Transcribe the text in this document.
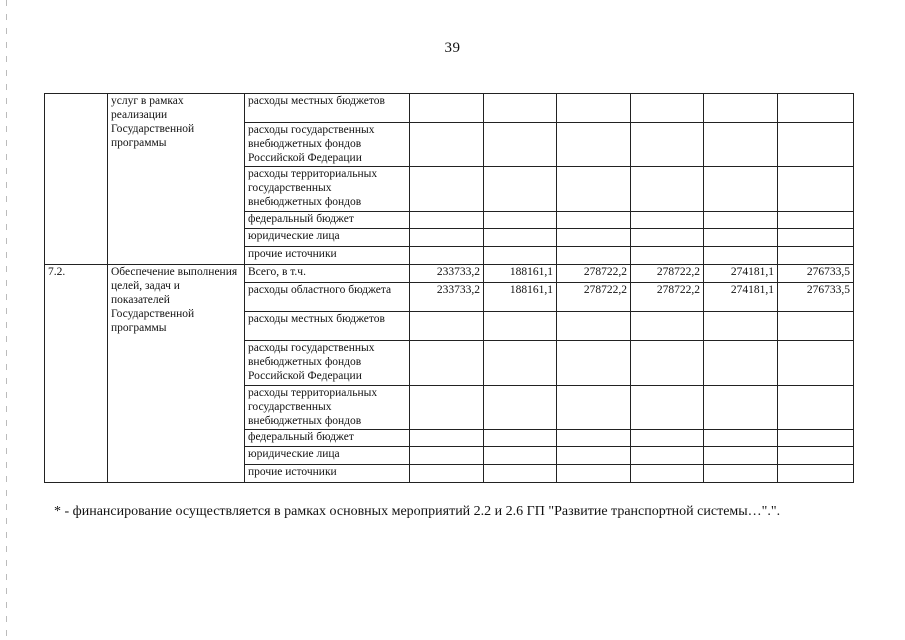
39
	услуг в рамках реализации Государственной программы	расходы местных бюджетов						
		расходы государственных внебюджетных фондов Российской Федерации						
		расходы территориальных государственных внебюджетных фондов						
		федеральный бюджет						
		юридические лица						
		прочие источники						
7.2.	Обеспечение выполнения целей, задач и показателей Государственной программы	Всего, в т.ч.	233733,2	188161,1	278722,2	278722,2	274181,1	276733,5
		расходы областного бюджета	233733,2	188161,1	278722,2	278722,2	274181,1	276733,5
		расходы местных бюджетов						
		расходы государственных внебюджетных фондов Российской Федерации						
		расходы территориальных государственных внебюджетных фондов						
		федеральный бюджет						
		юридические лица						
		прочие источники						
* - финансирование осуществляется в рамках основных мероприятий 2.2 и 2.6 ГП "Развитие транспортной системы…".".
